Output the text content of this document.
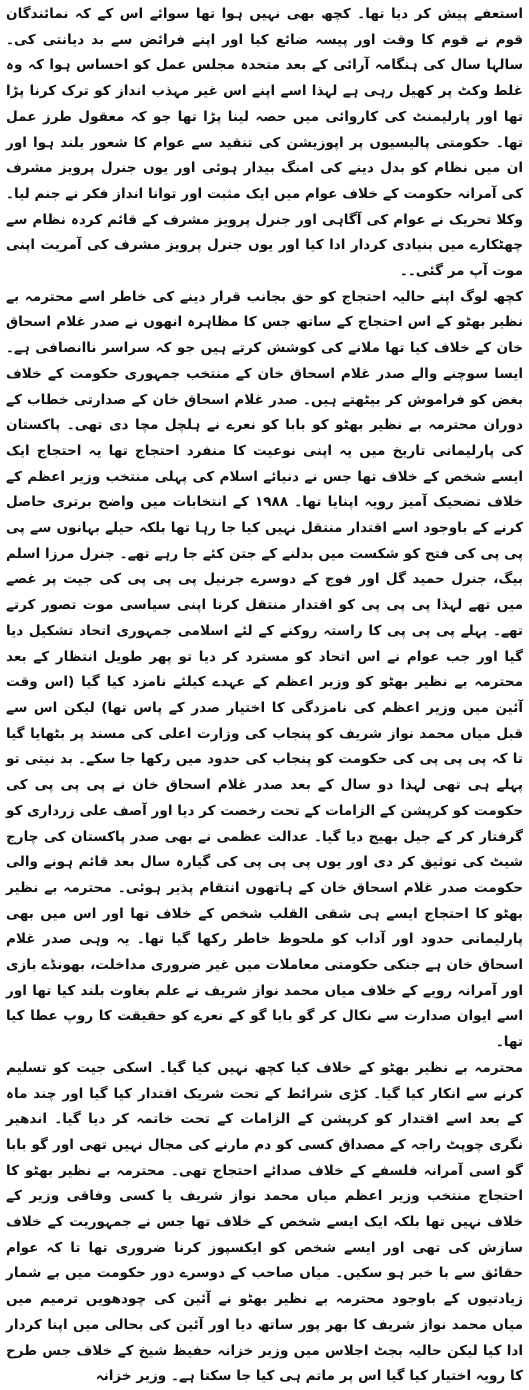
استعفے پیش کر دیا تھا۔ کچھ بھی نہیں ہوا تھا سوائے اس کے کہ نمائندگان قوم نے قوم کا وقت اور پیسہ ضائع کیا اور اپنے فرائض سے بد دیانتی کی۔ سالہا سال کی ہنگامہ آرائی کے بعد متحدہ مجلس عمل کو احساس ہوا کہ وہ غلط وکٹ پر کھیل رہی ہے لہذا اسے اپنے اس غیر مہذب انداز کو ترک کرنا پڑا تھا اور پارلیمنٹ کی کاروائی میں حصہ لینا پڑا تھا جو کہ معقول طرز عمل تھا۔ حکومتی پالیسیوں پر اپوزیشن کی تنقید سے عوام کا شعور بلند ہوا اور ان میں نظام کو بدل دینے کی امنگ بیدار ہوئی اور یوں جنرل پرویز مشرف کی آمرانہ حکومت کے خلاف عوام میں ایک مثبت اور توانا انداز فکر نے جنم لیا۔ وکلا تحریک نے عوام کی آگاہی اور جنرل پرویز مشرف کے قائم کردہ نظام سے چھٹکارے میں بنیادی کردار ادا کیا اور یوں جنرل پرویز مشرف کی آمریت اپنی موت آپ مر گئی۔۔

کچھ لوگ اپنے حالیہ احتجاج کو حق بجانب قرار دینے کی خاطر اسے محترمہ بے نظیر بھٹو کے اس احتجاج کے ساتھ جس کا مظاہرہ انھوں نے صدر غلام اسحاق خان کے خلاف کیا تھا ملانے کی کوشش کرتے ہیں جو کہ سراسر ناانصافی ہے۔ ایسا سوچنے والے صدر غلام اسحاق خان کے منتخب جمہوری حکومت کے خلاف بغض کو فراموش کر بیٹھتے ہیں۔ صدر غلام اسحاق خان کے صدارتی خطاب کے دوران محترمہ بے نظیر بھٹو کو بابا کو نعرے نے ہلچل مچا دی تھی۔ پاکستان کی پارلیمانی تاریخ میں یہ اپنی نوعیت کا منفرد احتجاج تھا یہ احتجاج ایک ایسے شخص کے خلاف تھا جس نے دنیائے اسلام کی پہلی منتخب وزیر اعظم کے خلاف تضحیک آمیز رویہ اپنایا تھا۔ ١٩٨٨ کے انتخابات میں واضح برتری حاصل کرنے کے باوجود اسے اقتدار منتقل نہیں کیا جا رہا تھا بلکہ حیلے بہانوں سے پی پی پی کی فتح کو شکست میں بدلنے کے جتن کئے جا رہے تھے۔ جنرل مرزا اسلم بیگ، جنرل حمید گل اور فوج کے دوسرے جرنیل پی پی پی کی جیت پر غصے میں تھے لہذا پی پی پی کو اقتدار منتقل کرنا اپنی سیاسی موت تصور کرتے تھے۔ پہلے پی پی پی کا راستہ روکنے کے لئے اسلامی جمہوری اتحاد تشکیل دیا گیا اور جب عوام نے اس اتحاد کو مسترد کر دیا تو پھر طویل انتظار کے بعد محترمہ بے نظیر بھٹو کو وزیر اعظم کے عہدے کیلئے نامزد کیا گیا (اس وقت آئین میں وزیر اعظم کی نامزدگی کا اختیار صدر کے پاس تھا) لیکن اس سے قبل میاں محمد نواز شریف کو پنجاب کی وزارت اعلی کی مسند پر بٹھایا گیا تا کہ پی پی پی کی حکومت کو پنجاب کی حدود میں رکھا جا سکے۔ بد نیتی تو پہلے ہی تھی لہذا دو سال کے بعد صدر غلام اسحاق خان نے پی پی پی کی حکومت کو کرپشن کے الزامات کے تحت رخصت کر دیا اور آصف علی زرداری کو گرفتار کر کے جیل بھیج دیا گیا۔ عدالت عظمی نے بھی صدر پاکستان کی چارج شیٹ کی توثیق کر دی اور یوں پی پی پی کی گیارہ سال بعد قائم ہونے والی حکومت صدر غلام اسحاق خان کے ہاتھوں انتقام پذیر ہوئی۔ محترمہ بے نظیر بھٹو کا احتجاج ایسے ہی شقی القلب شخص کے خلاف تھا اور اس میں بھی پارلیمانی حدود اور آداب کو ملحوظ خاطر رکھا گیا تھا۔ یہ وہی صدر غلام اسحاق خان ہے جنکی حکومتی معاملات میں غیر ضروری مداخلت، بھونڈے بازی اور آمرانہ رویے کے خلاف میاں محمد نواز شریف نے علم بغاوت بلند کیا تھا اور اسے ایوان صدارت سے نکال کر گو بابا گو کے نعرے کو حقیقت کا روپ عطا کیا تھا۔

محترمہ بے نظیر بھٹو کے خلاف کیا کچھ نہیں کیا گیا۔ اسکی جیت کو تسلیم کرنے سے انکار کیا گیا۔ کڑی شرائط کے تحت شریک اقتدار کیا گیا اور چند ماہ کے بعد اسے اقتدار کو کرپشن کے الزامات کے تحت خاتمہ کر دیا گیا۔ اندھیر نگری چوپٹ راجہ کے مصداق کسی کو دم مارنے کی مجال نہیں تھی اور گو بابا گو اسی آمرانہ فلسفے کے خلاف صدائے احتجاج تھی۔ محترمہ بے نظیر بھٹو کا احتجاج منتخب وزیر اعظم میاں محمد نواز شریف یا کسی وفاقی وزیر کے خلاف نہیں تھا بلکہ ایک ایسے شخص کے خلاف تھا جس نے جمہوریت کے خلاف سازش کی تھی اور ایسے شخص کو ایکسپوز کرنا ضروری تھا تا کہ عوام حقائق سے با خبر ہو سکیں۔ میاں صاحب کے دوسرے دور حکومت میں بے شمار زیادتیوں کے باوجود محترمہ بے نظیر بھٹو نے آئین کی چودھویں ترمیم میں میاں محمد نواز شریف کا بھر پور ساتھ دیا اور آئین کی بحالی میں اپنا کردار ادا کیا لیکن حالیہ بجٹ اجلاس میں وزیر خزانہ حفیظ شیخ کے خلاف جس طرح کا رویہ اختیار کیا گیا اس پر ماتم ہی کیا جا سکتا ہے۔ وزیر خزانہ
